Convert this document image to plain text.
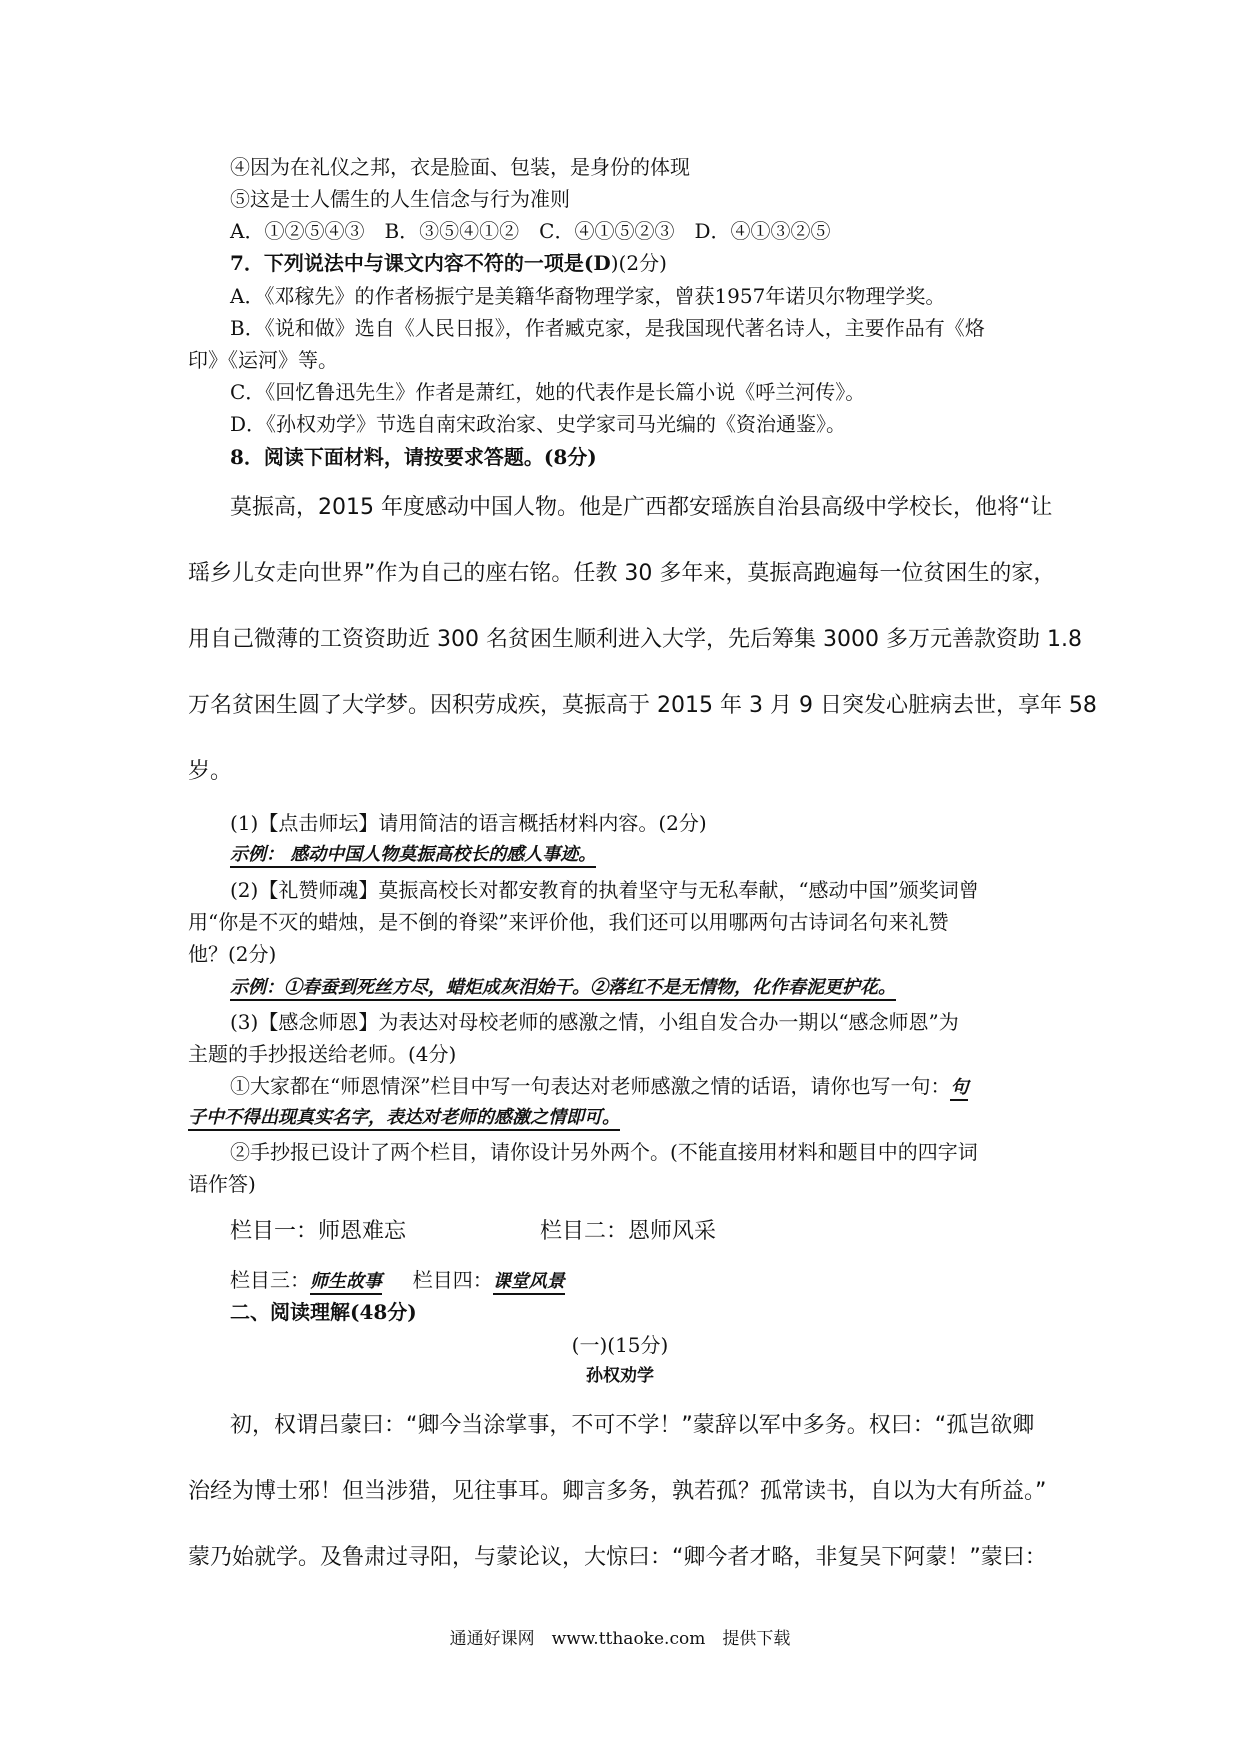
④因为在礼仪之邦，衣是脸面、包装，是身份的体现
⑤这是士人儒生的人生信念与行为准则
A．①②⑤④③　B．③⑤④①②　C．④①⑤②③　D．④①③②⑤
7．下列说法中与课文内容不符的一项是(D)(2分)
A．《邓稼先》的作者杨振宁是美籍华裔物理学家，曾获1957年诺贝尔物理学奖。
B．《说和做》选自《人民日报》，作者臧克家，是我国现代著名诗人，主要作品有《烙
印》《运河》等。
C．《回忆鲁迅先生》作者是萧红，她的代表作是长篇小说《呼兰河传》。
D．《孙权劝学》节选自南宋政治家、史学家司马光编的《资治通鉴》。
8．阅读下面材料，请按要求答题。(8分)
莫振高，2015 年度感动中国人物。他是广西都安瑶族自治县高级中学校长，他将“让
瑶乡儿女走向世界”作为自己的座右铭。任教 30 多年来，莫振高跑遍每一位贫困生的家，
用自己微薄的工资资助近 300 名贫困生顺利进入大学，先后筹集 3000 多万元善款资助 1.8
万名贫困生圆了大学梦。因积劳成疾，莫振高于 2015 年 3 月 9 日突发心脏病去世，享年 58
岁。
(1)【点击师坛】请用简洁的语言概括材料内容。(2分)
示例： 感动中国人物莫振高校长的感人事迹。
(2)【礼赞师魂】莫振高校长对都安教育的执着坚守与无私奉献，“感动中国”颁奖词曾
用“你是不灭的蜡烛，是不倒的脊梁”来评价他，我们还可以用哪两句古诗词名句来礼赞
他？(2分)
示例：①春蚕到死丝方尽，蜡炬成灰泪始干。②落红不是无情物，化作春泥更护花。
(3)【感念师恩】为表达对母校老师的感激之情，小组自发合办一期以“感念师恩”为
主题的手抄报送给老师。(4分)
①大家都在“师恩情深”栏目中写一句表达对老师感激之情的话语，请你也写一句：句
子中不得出现真实名字，表达对老师的感激之情即可。
②手抄报已设计了两个栏目，请你设计另外两个。(不能直接用材料和题目中的四字词
语作答)
栏目一：师恩难忘	栏目二：恩师风采
栏目三：师生故事 栏目四：课堂风景
二、阅读理解(48分)
(一)(15分)
孙权劝学
初，权谓吕蒙曰：“卿今当涂掌事，不可不学！”蒙辞以军中多务。权曰：“孤岂欲卿
治经为博士邪！但当涉猎，见往事耳。卿言多务，孰若孤？孤常读书，自以为大有所益。”
蒙乃始就学。及鲁肃过寻阳，与蒙论议，大惊曰：“卿今者才略，非复吴下阿蒙！”蒙曰：
通通好课网　www.tthaoke.com　提供下载
